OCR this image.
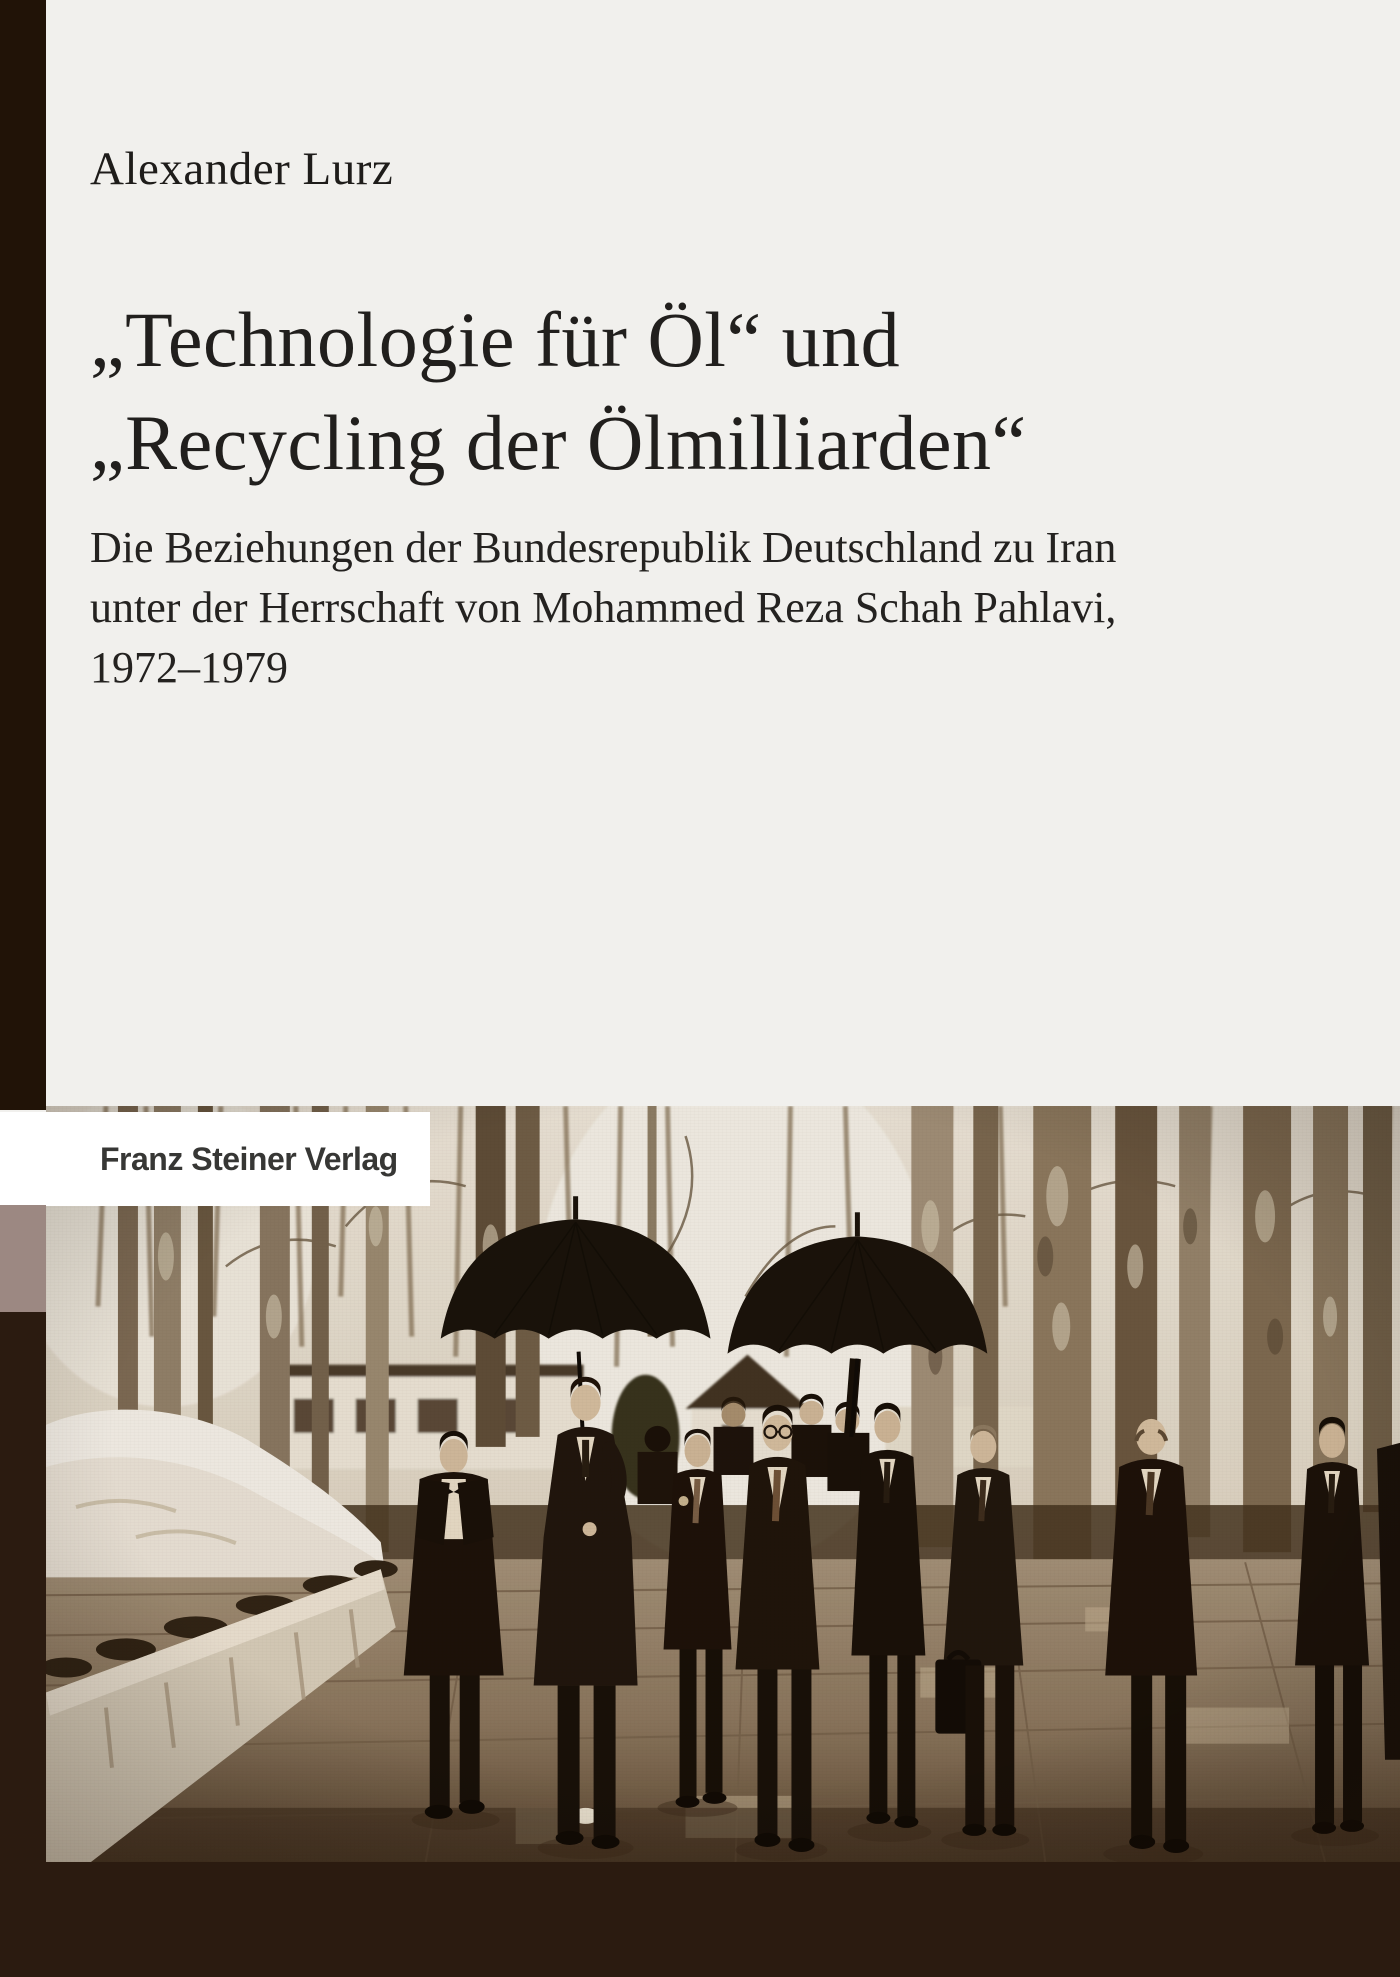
Alexander Lurz
„Technologie für Öl“ und
„Recycling der Ölmilliarden“
Die Beziehungen der Bundesrepublik Deutschland zu Iran
unter der Herrschaft von Mohammed Reza Schah Pahlavi,
1972–1979
Franz Steiner Verlag
